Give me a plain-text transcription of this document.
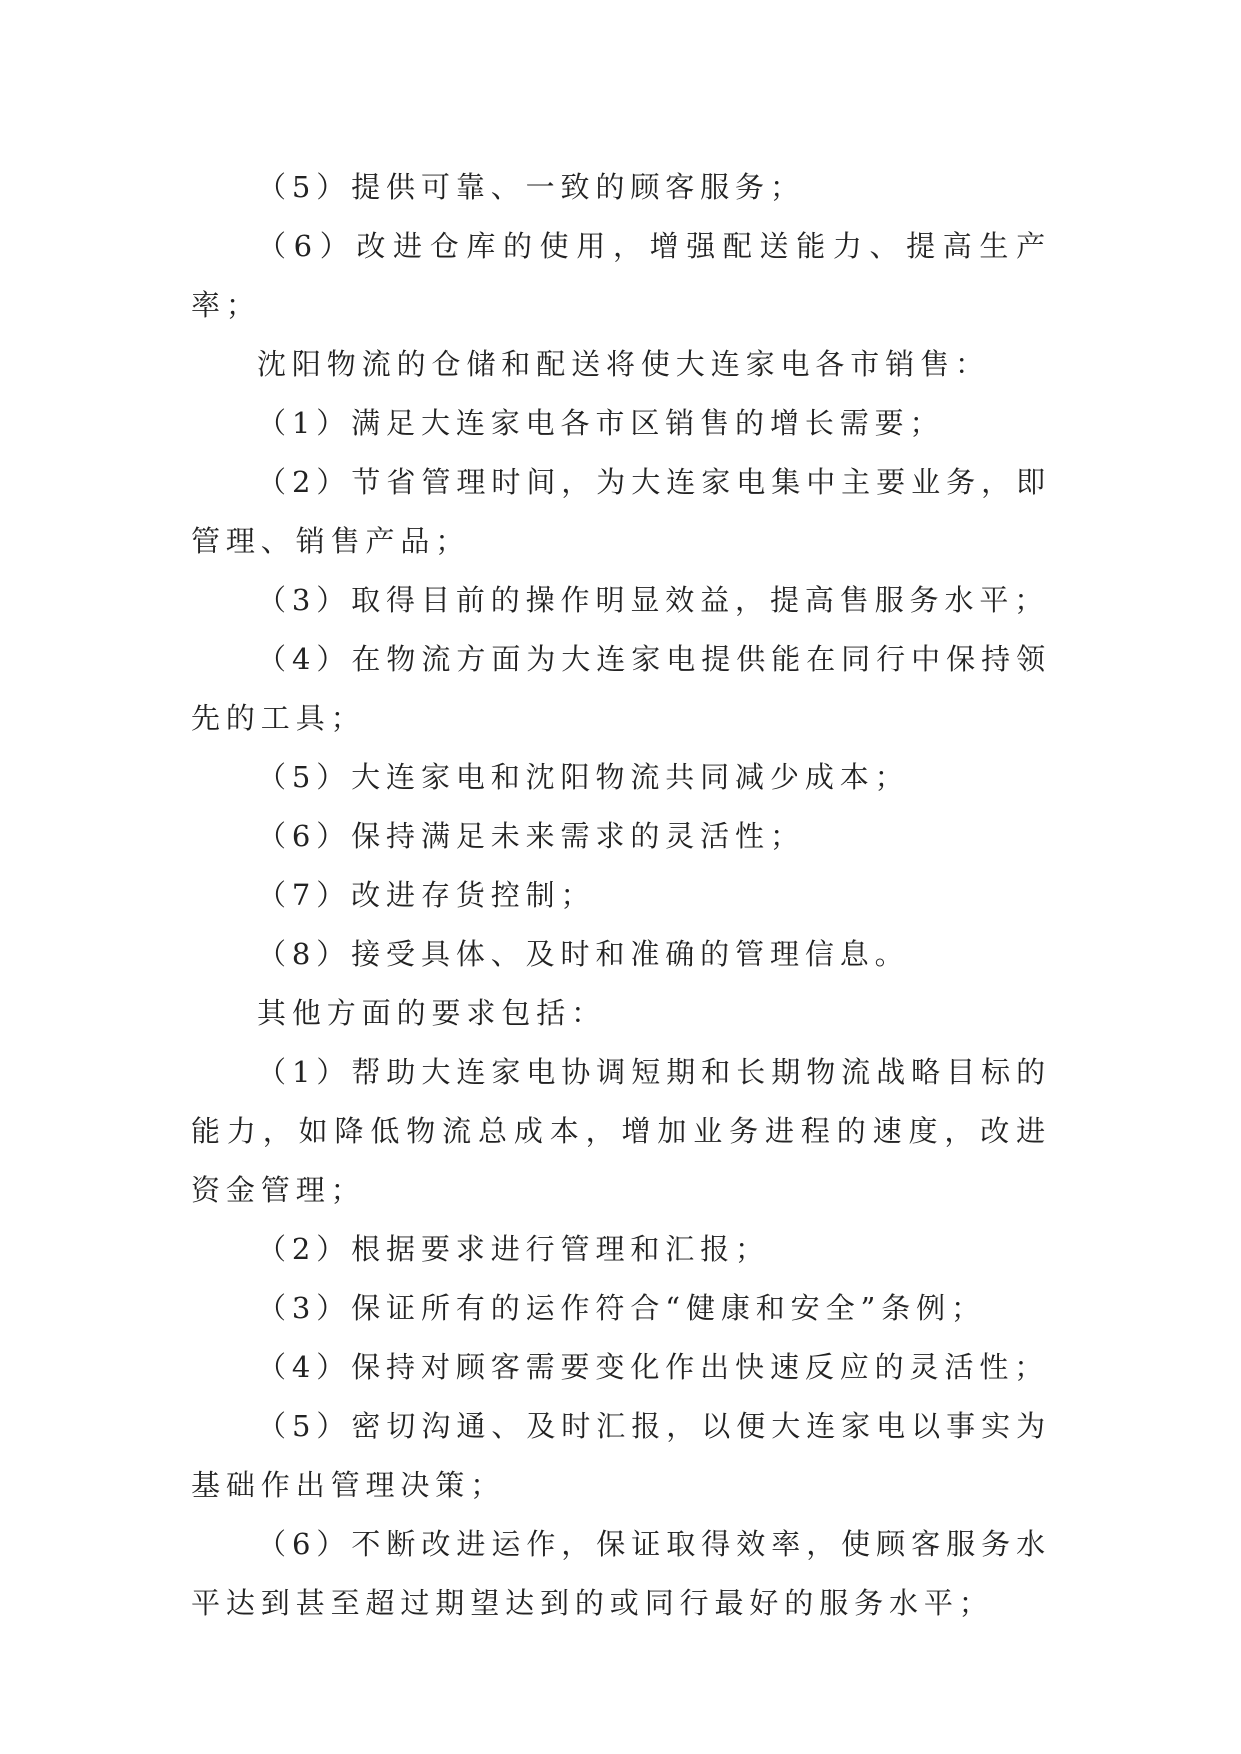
（5）提供可靠、一致的顾客服务；

（6）改进仓库的使用，增强配送能力、提高生产率；

沈阳物流的仓储和配送将使大连家电各市销售：

（1）满足大连家电各市区销售的增长需要；

（2）节省管理时间，为大连家电集中主要业务，即管理、销售产品；

（3）取得目前的操作明显效益，提高售服务水平；

（4）在物流方面为大连家电提供能在同行中保持领先的工具；

（5）大连家电和沈阳物流共同减少成本；

（6）保持满足未来需求的灵活性；

（7）改进存货控制；

（8）接受具体、及时和准确的管理信息。

其他方面的要求包括：

（1）帮助大连家电协调短期和长期物流战略目标的能力，如降低物流总成本，增加业务进程的速度，改进资金管理；

（2）根据要求进行管理和汇报；

（3）保证所有的运作符合“健康和安全”条例；

（4）保持对顾客需要变化作出快速反应的灵活性；

（5）密切沟通、及时汇报，以便大连家电以事实为基础作出管理决策；

（6）不断改进运作，保证取得效率，使顾客服务水平达到甚至超过期望达到的或同行最好的服务水平；
